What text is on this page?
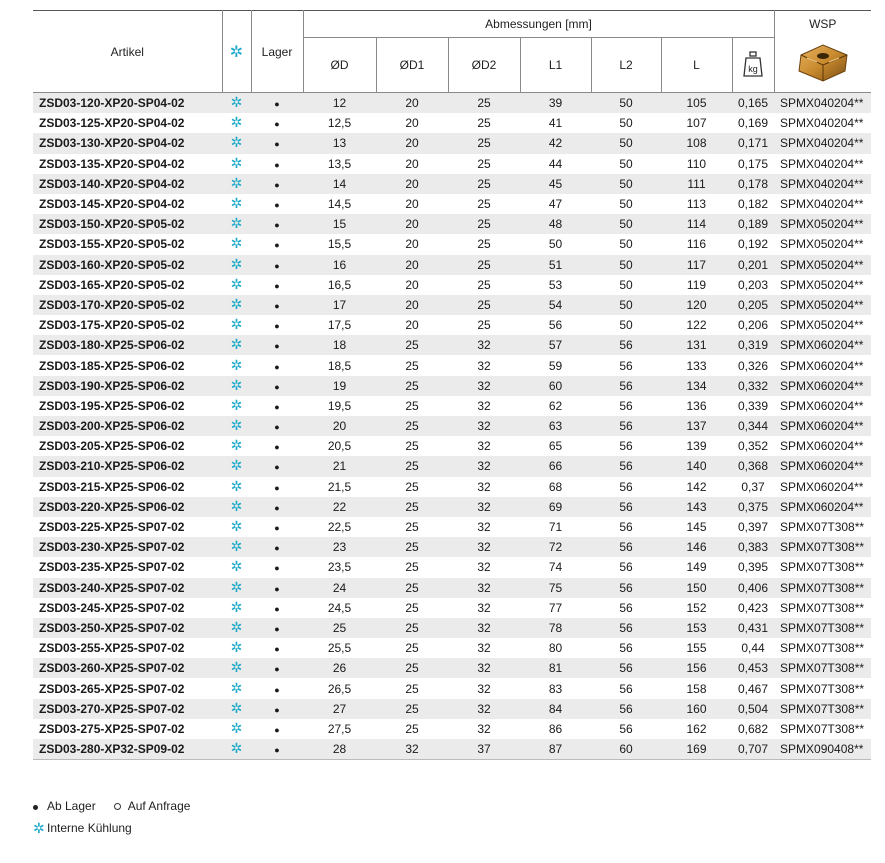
Artikel	✲	Lager	Abmessungen [mm]							WSP
			ØD	ØD1	ØD2	L1	L2	L	kg

ZSD03-120-XP20-SP04-02	✲	●	12	20	25	39	50	105	0,165	SPMX040204**
ZSD03-125-XP20-SP04-02	✲	●	12,5	20	25	41	50	107	0,169	SPMX040204**
ZSD03-130-XP20-SP04-02	✲	●	13	20	25	42	50	108	0,171	SPMX040204**
ZSD03-135-XP20-SP04-02	✲	●	13,5	20	25	44	50	110	0,175	SPMX040204**
ZSD03-140-XP20-SP04-02	✲	●	14	20	25	45	50	111	0,178	SPMX040204**
ZSD03-145-XP20-SP04-02	✲	●	14,5	20	25	47	50	113	0,182	SPMX040204**
ZSD03-150-XP20-SP05-02	✲	●	15	20	25	48	50	114	0,189	SPMX050204**
ZSD03-155-XP20-SP05-02	✲	●	15,5	20	25	50	50	116	0,192	SPMX050204**
ZSD03-160-XP20-SP05-02	✲	●	16	20	25	51	50	117	0,201	SPMX050204**
ZSD03-165-XP20-SP05-02	✲	●	16,5	20	25	53	50	119	0,203	SPMX050204**
ZSD03-170-XP20-SP05-02	✲	●	17	20	25	54	50	120	0,205	SPMX050204**
ZSD03-175-XP20-SP05-02	✲	●	17,5	20	25	56	50	122	0,206	SPMX050204**
ZSD03-180-XP25-SP06-02	✲	●	18	25	32	57	56	131	0,319	SPMX060204**
ZSD03-185-XP25-SP06-02	✲	●	18,5	25	32	59	56	133	0,326	SPMX060204**
ZSD03-190-XP25-SP06-02	✲	●	19	25	32	60	56	134	0,332	SPMX060204**
ZSD03-195-XP25-SP06-02	✲	●	19,5	25	32	62	56	136	0,339	SPMX060204**
ZSD03-200-XP25-SP06-02	✲	●	20	25	32	63	56	137	0,344	SPMX060204**
ZSD03-205-XP25-SP06-02	✲	●	20,5	25	32	65	56	139	0,352	SPMX060204**
ZSD03-210-XP25-SP06-02	✲	●	21	25	32	66	56	140	0,368	SPMX060204**
ZSD03-215-XP25-SP06-02	✲	●	21,5	25	32	68	56	142	0,37	SPMX060204**
ZSD03-220-XP25-SP06-02	✲	●	22	25	32	69	56	143	0,375	SPMX060204**
ZSD03-225-XP25-SP07-02	✲	●	22,5	25	32	71	56	145	0,397	SPMX07T308**
ZSD03-230-XP25-SP07-02	✲	●	23	25	32	72	56	146	0,383	SPMX07T308**
ZSD03-235-XP25-SP07-02	✲	●	23,5	25	32	74	56	149	0,395	SPMX07T308**
ZSD03-240-XP25-SP07-02	✲	●	24	25	32	75	56	150	0,406	SPMX07T308**
ZSD03-245-XP25-SP07-02	✲	●	24,5	25	32	77	56	152	0,423	SPMX07T308**
ZSD03-250-XP25-SP07-02	✲	●	25	25	32	78	56	153	0,431	SPMX07T308**
ZSD03-255-XP25-SP07-02	✲	●	25,5	25	32	80	56	155	0,44	SPMX07T308**
ZSD03-260-XP25-SP07-02	✲	●	26	25	32	81	56	156	0,453	SPMX07T308**
ZSD03-265-XP25-SP07-02	✲	●	26,5	25	32	83	56	158	0,467	SPMX07T308**
ZSD03-270-XP25-SP07-02	✲	●	27	25	32	84	56	160	0,504	SPMX07T308**
ZSD03-275-XP25-SP07-02	✲	●	27,5	25	32	86	56	162	0,682	SPMX07T308**
ZSD03-280-XP32-SP09-02	✲	●	28	32	37	87	60	169	0,707	SPMX090408**
Ab Lager	Auf Anfrage
✲ Interne Kühlung
